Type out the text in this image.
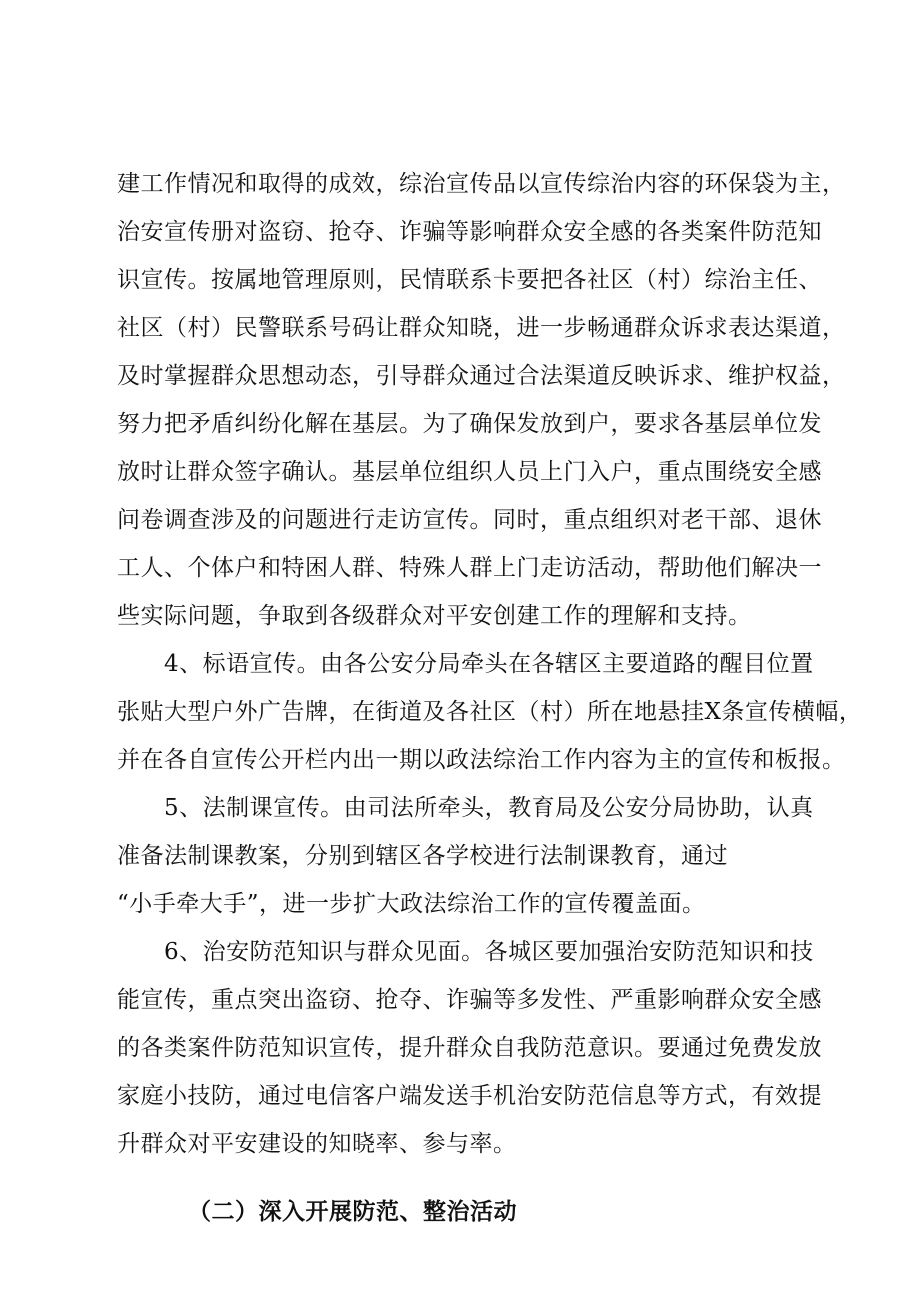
建工作情况和取得的成效，综治宣传品以宣传综治内容的环保袋为主，
治安宣传册对盗窃、抢夺、诈骗等影响群众安全感的各类案件防范知
识宣传。按属地管理原则，民情联系卡要把各社区（村）综治主任、
社区（村）民警联系号码让群众知晓，进一步畅通群众诉求表达渠道，
及时掌握群众思想动态，引导群众通过合法渠道反映诉求、维护权益，
努力把矛盾纠纷化解在基层。为了确保发放到户，要求各基层单位发
放时让群众签字确认。基层单位组织人员上门入户，重点围绕安全感
问卷调查涉及的问题进行走访宣传。同时，重点组织对老干部、退休
工人、个体户和特困人群、特殊人群上门走访活动，帮助他们解决一
些实际问题，争取到各级群众对平安创建工作的理解和支持。
4、标语宣传。由各公安分局牵头在各辖区主要道路的醒目位置
张贴大型户外广告牌，在街道及各社区（村）所在地悬挂X条宣传横幅，
并在各自宣传公开栏内出一期以政法综治工作内容为主的宣传和板报。
5、法制课宣传。由司法所牵头，教育局及公安分局协助，认真
准备法制课教案，分别到辖区各学校进行法制课教育，通过
“小手牵大手”，进一步扩大政法综治工作的宣传覆盖面。
6、治安防范知识与群众见面。各城区要加强治安防范知识和技
能宣传，重点突出盗窃、抢夺、诈骗等多发性、严重影响群众安全感
的各类案件防范知识宣传，提升群众自我防范意识。要通过免费发放
家庭小技防，通过电信客户端发送手机治安防范信息等方式，有效提
升群众对平安建设的知晓率、参与率。
（二）深入开展防范、整治活动
